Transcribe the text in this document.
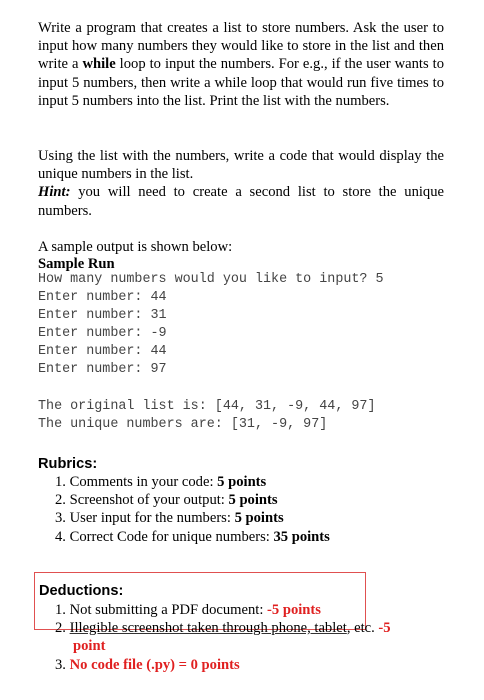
Write a program that creates a list to store numbers. Ask the user to input how many numbers they would like to store in the list and then write a while loop to input the numbers. For e.g., if the user wants to input 5 numbers, then write a while loop that would run five times to input 5 numbers into the list. Print the list with the numbers.

Using the list with the numbers, write a code that would display the unique numbers in the list.
Hint: you will need to create a second list to store the unique numbers.

A sample output is shown below:
Sample Run
How many numbers would you like to input? 5
Enter number: 44
Enter number: 31
Enter number: -9
Enter number: 44
Enter number: 97
The original list is: [44, 31, -9, 44, 97]
The unique numbers are: [31, -9, 97]
Rubrics:
1. Comments in your code: 5 points
2. Screenshot of your output: 5 points
3. User input for the numbers: 5 points
4. Correct Code for unique numbers: 35 points
Deductions:
1. Not submitting a PDF document: -5 points
2. Illegible screenshot taken through phone, tablet, etc. -5
point
3. No code file (.py) = 0 points
